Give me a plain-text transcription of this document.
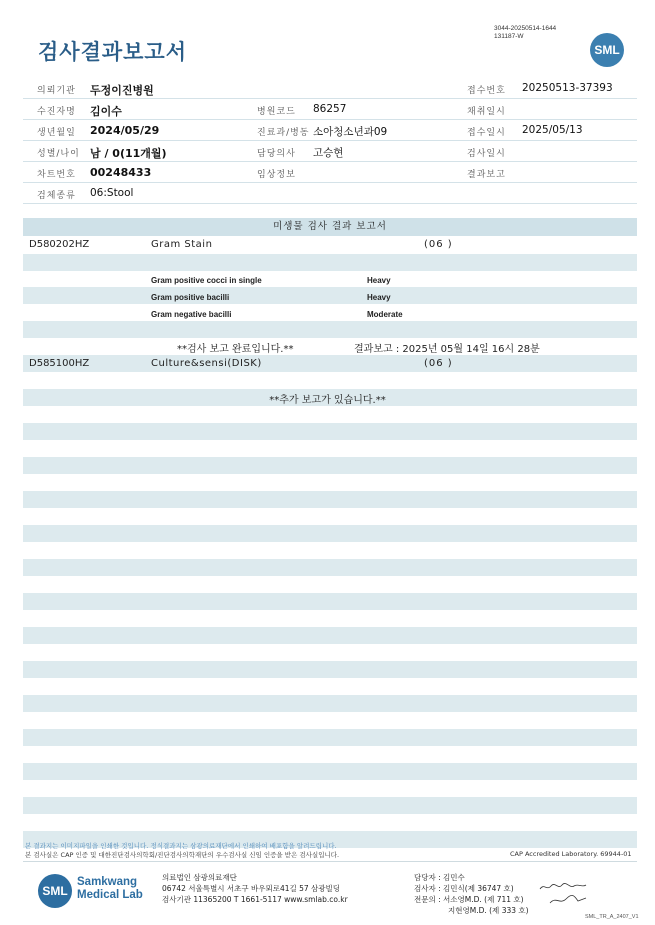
검사결과보고서
3044-20250514-1644
131187-W
SML
의뢰기관 두정이진병원	접수번호 20250513-37393
수진자명 김이수	병원코드 86257	채취일시
생년월일 2024/05/29	진료과/병동 소아청소년과09	접수일시 2025/05/13
성별/나이 남 / 0(11개월)	담당의사 고승현	검사일시
차트번호 00248433	임상정보	결과보고
검체종류 06:Stool
미생물 검사 결과 보고서
D580202HZ	Gram Stain	(06 )
Gram positive cocci in single	Heavy
Gram positive bacilli	Heavy
Gram negative bacilli	Moderate
**검사 보고 완료입니다.**	결과보고 : 2025년 05월 14일 16시 28분
D585100HZ	Culture&sensi(DISK)	(06 )
**추가 보고가 있습니다.**
본 결과지는 이미지파일을 인쇄한 것입니다. 정식결과지는 삼광의료재단에서 인쇄하여 배포함을 알려드립니다.
본 검사실은 CAP 인증 및 대한진단검사의학회/진단검사의학재단의 우수검사실 신임 인증을 받은 검사실입니다.	CAP Accredited Laboratory. 69944-01
SML
Samkwang
Medical Lab
의료법인 삼광의료재단
06742 서울특별시 서초구 바우뫼로41길 57 삼광빌딩
검사기관 11365200 T 1661-5117 www.smlab.co.kr
담당자 : 김민수
검사자 : 김민식(제 36747 호)
전문의 : 서소영M.D. (제 711 호)
지현영M.D. (제 333 호)
SML_TR_A_2407_V1
